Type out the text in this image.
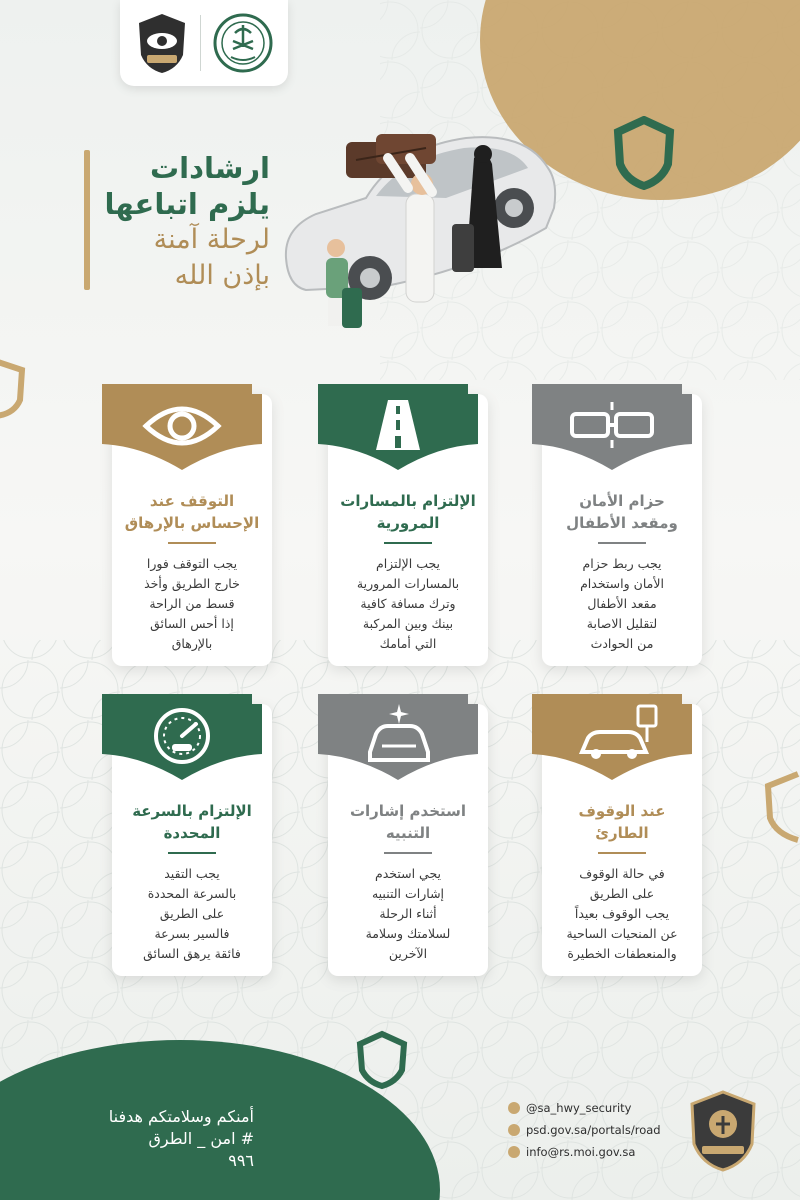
ارشادات
يلزم اتباعها
لرحلة آمنة
بإذن الله
حزام الأمان
ومقعد الأطفال
يجب ربط حزام
الأمان واستخدام
مقعد الأطفال
لتقليل الاصابة
من الحوادث
الإلتزام بالمسارات
المرورية
يجب الإلتزام
بالمسارات المرورية
وترك مسافة كافية
بينك وبين المركبة
التي أمامك
التوقف عند
الإحساس بالإرهاق
يجب التوقف فورا
خارج الطريق وأخذ
قسط من الراحة
إذا أحس السائق
بالإرهاق
عند الوقوف
الطارئ
في حالة الوقوف
على الطريق
يجب الوقوف بعيداً
عن المنحيات الساحية
والمنعطفات الخطيرة
استخدم إشارات
التنبيه
يجي استخدم
إشارات التنبيه
أثناء الرحلة
لسلامتك وسلامة
الآخرين
الإلتزام بالسرعة
المحددة
يجب التقيد
بالسرعة المحددة
على الطريق
فالسير بسرعة
فائقة يرهق السائق
أمنكم وسلامتكم هدفنا
# امن _ الطرق
٩٩٦
@sa_hwy_security
psd.gov.sa/portals/road
info@rs.moi.gov.sa
